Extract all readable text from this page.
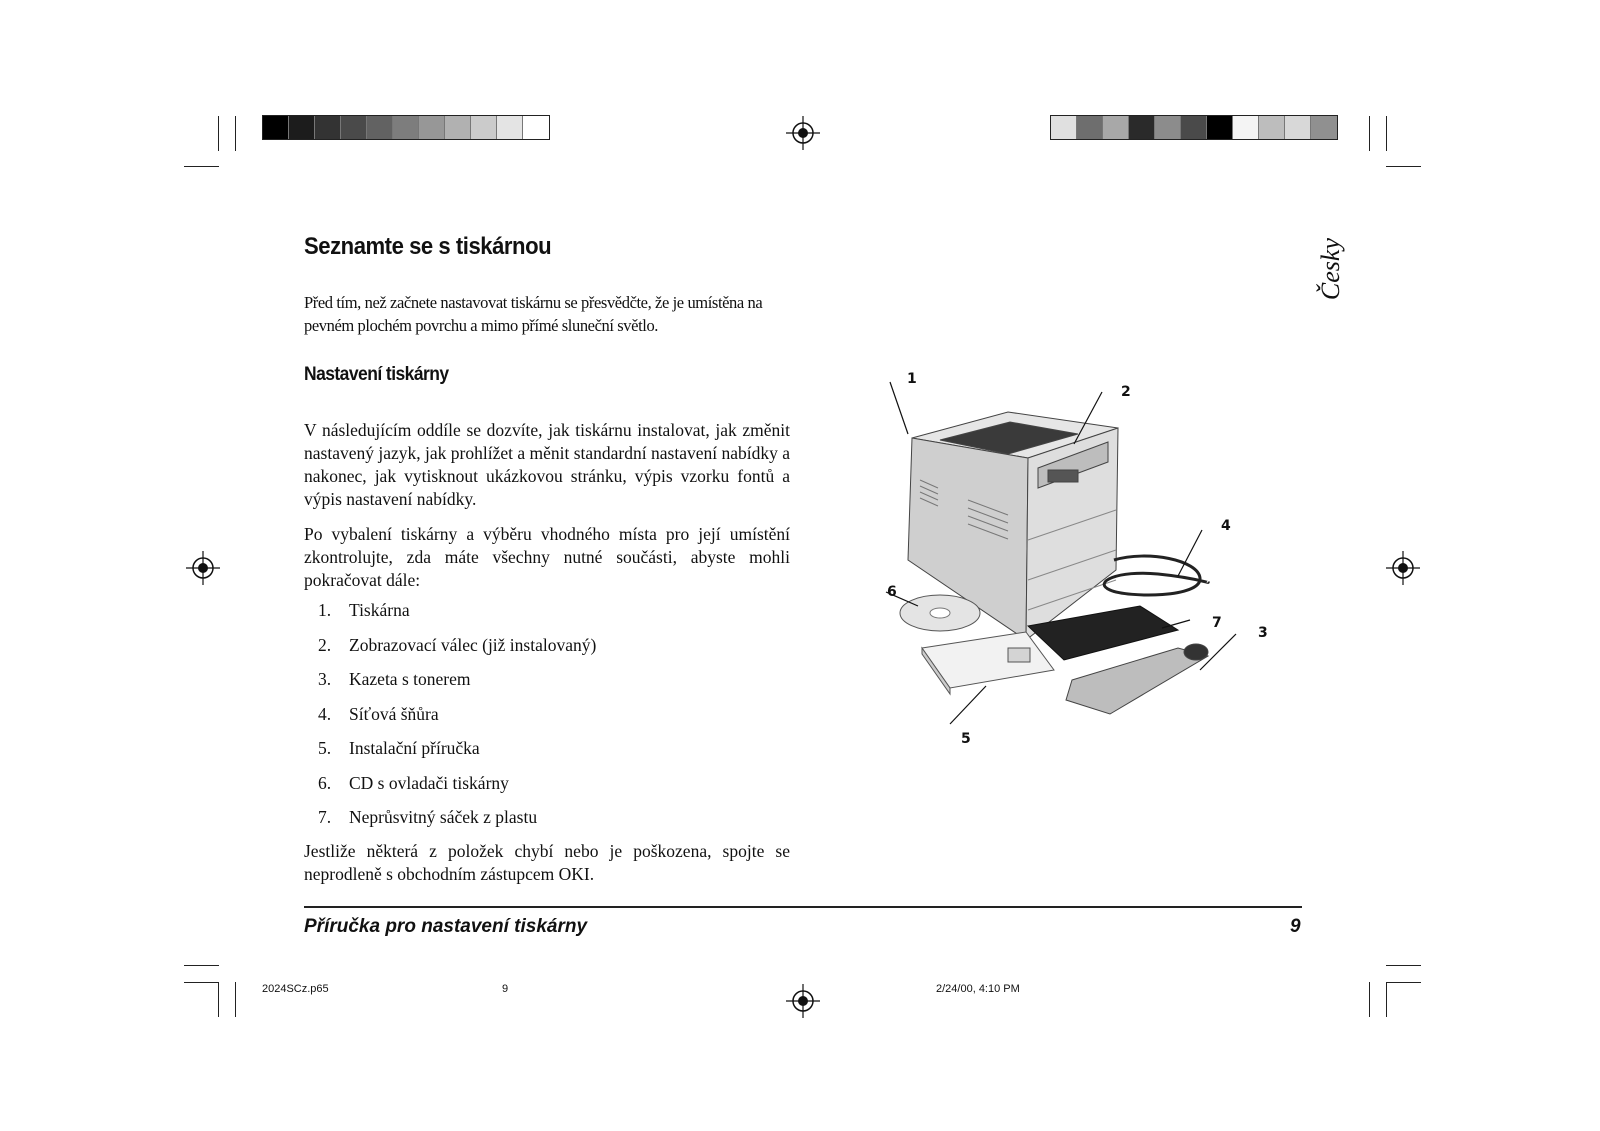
Česky
Seznamte se s tiskárnou
Před tím, než začnete nastavovat tiskárnu se přesvědčte, že je umístěna na pevném plochém povrchu a mimo přímé sluneční světlo.
Nastavení tiskárny
V následujícím oddíle se dozvíte, jak tiskárnu instalovat, jak změnit nastavený jazyk, jak prohlížet a měnit standardní nastavení nabídky a nakonec, jak vytisknout ukázkovou stránku, výpis vzorku fontů a výpis nastavení nabídky.
Po vybalení tiskárny a výběru vhodného místa pro její umístění zkontrolujte, zda máte všechny nutné součásti, abyste mohli pokračovat dále:
1.	Tiskárna
2.	Zobrazovací válec (již instalovaný)
3.	Kazeta s tonerem
4.	Síťová šňůra
5.	Instalační příručka
6.	CD s ovladači tiskárny
7.	Neprůsvitný sáček z plastu
Jestliže některá z položek chybí nebo je poškozena, spojte se neprodleně s obchodním zástupcem OKI.
1
2
3
4
5
6
7
Příručka pro nastavení tiskárny	9
2024SCz.p65	9	2/24/00, 4:10 PM
